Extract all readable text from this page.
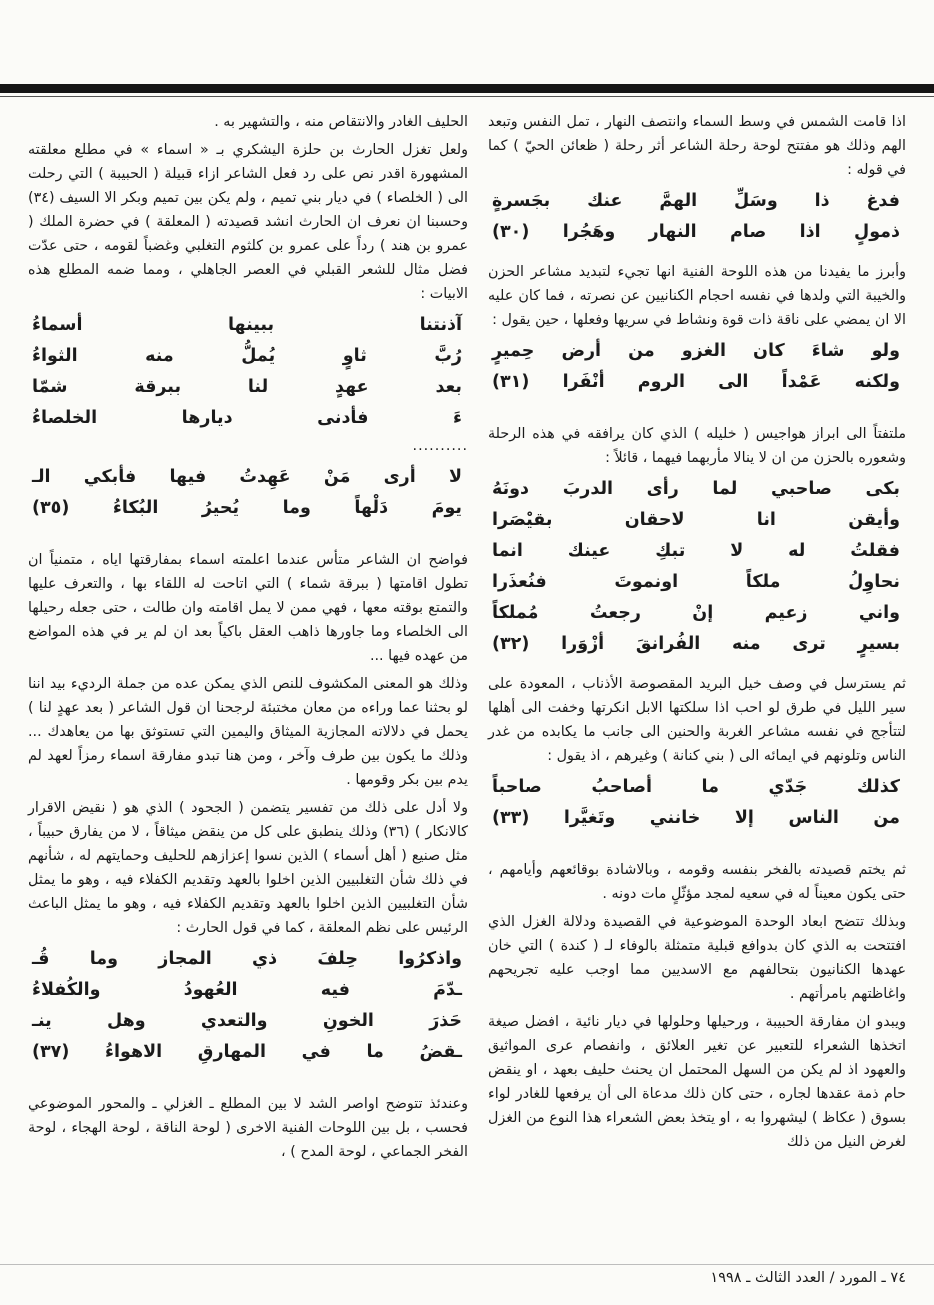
اذا قامت الشمس في وسط السماء وانتصف النهار ، تمل النفس وتبعد الهم وذلك هو مفتتح لوحة رحلة الشاعر أثر رحلة ( ظعائن الحيّ ) كما في قوله :

فدغ ذا وسَلِّ الهمَّ عنك بجَسرةٍ
ذمولٍ اذا صام النهار وهَجُرا (٣٠)

وأبرز ما يفيدنا من هذه اللوحة الفنية انها تجيء لتبديد مشاعر الحزن والخيبة التي ولدها في نفسه احجام الكنانيين عن نصرته ، فما كان عليه الا ان يمضي على ناقة ذات قوة ونشاط في سريها وفعلها ، حين يقول :

ولو شاءَ كان الغزو من أرض حِميرٍ
ولكنه عَمْداً الى الروم أنْفَرا (٣١)

ملتفتاً الى ابراز هواجيس ( خليله ) الذي كان يرافقه في هذه الرحلة وشعوره بالحزن من ان لا ينالا مأربهما فيهما ، قائلاً :

بكى صاحبي لما رأى الدربَ دونَهُ
وأيقن انا لاحقان بقيْصَرا
فقلتُ له لا تبكِ عينك انما
نحاوِلُ ملكاً اونموتَ فنُعذَرا
واني زعيم إنْ رجعتُ مُملكاً
بسيرٍ ترى منه الفُرانقَ أزْوَرا (٣٢)

ثم يسترسل في وصف خيل البريد المقصوصة الأذناب ، المعودة على سير الليل في طرق لو احب اذا سلكتها الابل انكرتها وخفت الى أهلها لتتأجج في نفسه مشاعر الغربة والحنين الى جانب ما يكابده من غدر الناس وتلونهم في ايمائه الى ( بني كنانة ) وغيرهم ، اذ يقول :

كذلك جَدّي ما أصاحبُ صاحباً
من الناس إلا خانني وتَغيَّرا (٣٣)

ثم يختم قصيدته بالفخر بنفسه وقومه ، وبالاشادة بوقائعهم وأيامهم ، حتى يكون معيناً له في سعيه لمجد مؤثّلٍ مات دونه .

وبذلك تتضح ابعاد الوحدة الموضوعية في القصيدة ودلالة الغزل الذي افتتحت به الذي كان بدوافع قبلية متمثلة بالوفاء لـ ( كندة ) التي خان عهدها الكنانيون بتحالفهم مع الاسديين مما اوجب عليه تجريحهم واغاظتهم بامرأتهم .

ويبدو ان مفارقة الحبيبة ، ورحيلها وحلولها في ديار نائية ، افضل صيغة اتخذها الشعراء للتعبير عن تغير العلائق ، وانفصام عرى المواثيق والعهود اذ لم يكن من السهل المحتمل ان يحنث حليف بعهد ، او ينقض حام ذمة عقدها لجاره ، حتى كان ذلك مدعاة الى أن يرفعها للغادر لواء بسوق ( عكاظ ) ليشهروا به ، او يتخذ بعض الشعراء هذا النوع من الغزل لغرض النيل من ذلك

الحليف الغادر والانتقاص منه ، والتشهير به .

ولعل تغزل الحارث بن حلزة اليشكري بـ « اسماء » في مطلع معلقته المشهورة اقدر نص على رد فعل الشاعر ازاء قبيلة ( الحبيبة ) التي رحلت الى ( الخلصاء ) في ديار بني تميم ، ولم يكن بين تميم وبكر الا السيف (٣٤) وحسبنا ان نعرف ان الحارث انشد قصيدته ( المعلقة ) في حضرة الملك ( عمرو بن هند ) رداً على عمرو بن كلثوم التغلبي وغضباً لقومه ، حتى عدّت فضل مثال للشعر القبلي في العصر الجاهلي ، ومما ضمه المطلع هذه الابيات :

آذنتنا ببينها أسماءُ
رُبَّ ثاوٍ يُملُّ منه الثواءُ
بعد عهدٍ لنا ببرقة شمّا
ءَ فأدنى ديارها الخلصاءُ

..........

لا أرى مَنْ عَهِدتُ فيها فأبكي الـ
يومَ دَلْهاً وما يُحيرُ البُكاءُ (٣٥)

فواضح ان الشاعر متأس عندما اعلمته اسماء بمفارقتها اياه ، متمنياً ان تطول اقامتها ( ببرقة شماء ) التي اتاحت له اللقاء بها ، والتعرف عليها والتمتع بوقته معها ، فهي ممن لا يمل اقامته وان طالت ، حتى جعله رحيلها الى الخلصاء وما جاورها ذاهب العقل باكياً بعد ان لم ير في هذه المواضع من عهده فيها ...

وذلك هو المعنى المكشوف للنص الذي يمكن عده من جملة الرديء بيد اننا لو بحثنا عما وراءه من معان مختبئة لرجحنا ان قول الشاعر ( بعد عهدٍ لنا ) يحمل في دلالاته المجازية الميثاق واليمين التي تستوثق بها من يعاهدك ... وذلك ما يكون بين طرف وآخر ، ومن هنا تبدو مفارقة اسماء رمزاً لعهد لم يدم بين بكر وقومها .

ولا أدل على ذلك من تفسير يتضمن ( الجحود ) الذي هو ( نقيض الاقرار كالانكار ) (٣٦) وذلك ينطبق على كل من ينقض ميثاقاً ، لا من يفارق حبيباً ، مثل صنيع ( أهل أسماء ) الذين نسوا إعزازهم للحليف وحمايتهم له ، شأنهم في ذلك شأن التغلبيين الذين اخلوا بالعهد وتقديم الكفلاء فيه ، وهو ما يمثل شأن التغلبيين الذين اخلوا بالعهد وتقديم الكفلاء فيه ، وهو ما يمثل الباعث الرئيس على نظم المعلقة ، كما في قول الحارث :

واذكرُوا حِلفَ ذي المجاز وما قُـ
ـدّمَ فيه العُهودُ والكُفلاءُ
حَذرَ الخونِ والتعدي وهل ينـ
ـقضُ ما في المهارقِ الاهواءُ (٣٧)

وعندئذ تتوضح اواصر الشد لا بين المطلع ـ الغزلي ـ والمحور الموضوعي فحسب ، بل بين اللوحات الفنية الاخرى ( لوحة الناقة ، لوحة الهجاء ، لوحة الفخر الجماعي ، لوحة المدح ) ،

٧٤ ـ المورد / العدد الثالث ـ ١٩٩٨
